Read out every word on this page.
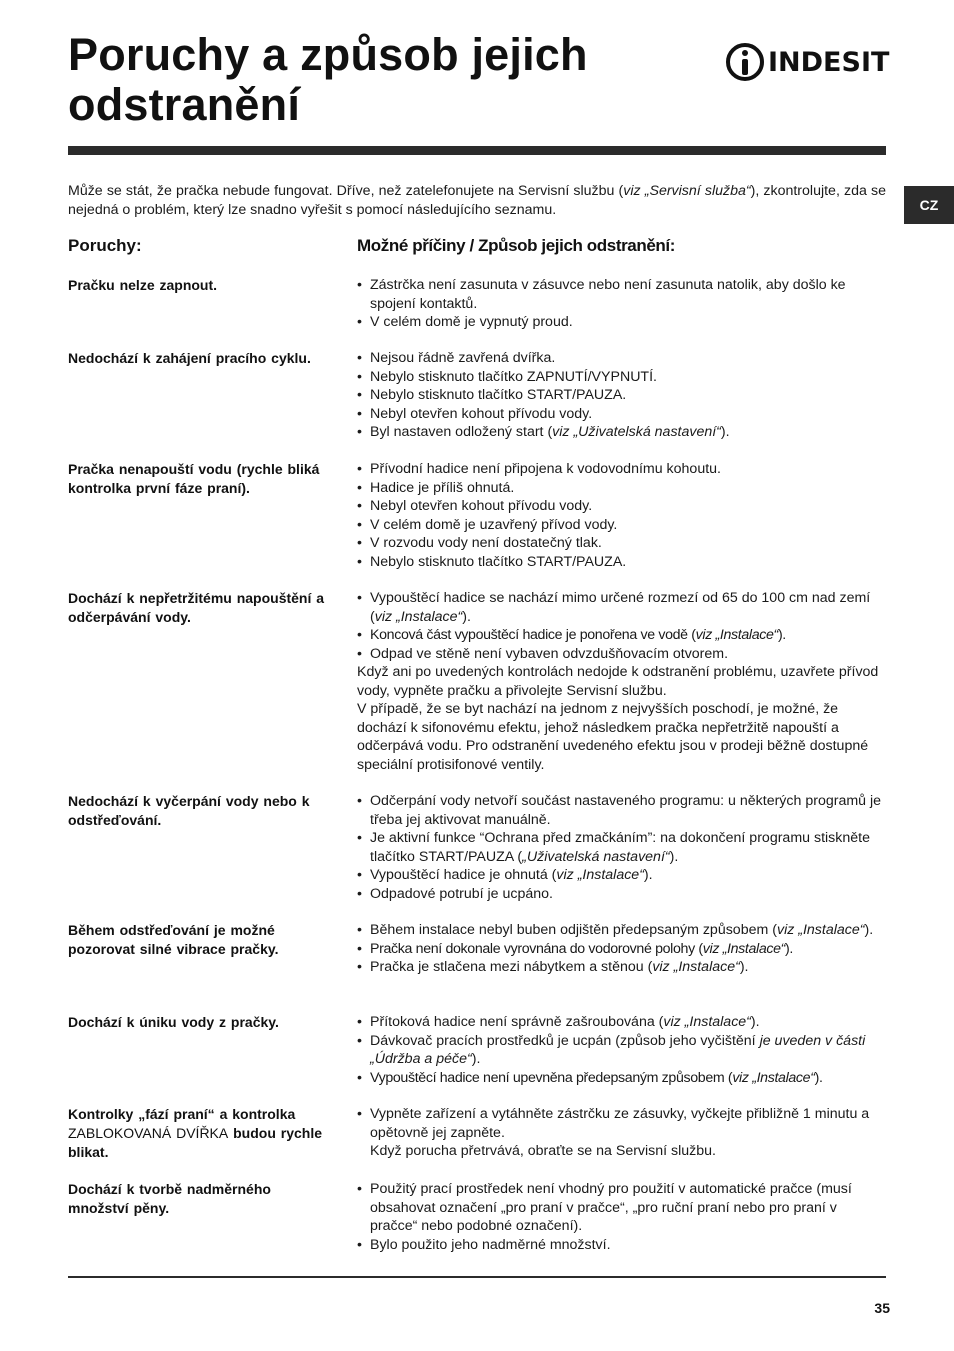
Poruchy a způsob jejich
odstranění
INDESIT
CZ
Může se stát, že pračka nebude fungovat. Dříve, než zatelefonujete na Servisní službu (viz „Servisní služba“), zkontrolujte, zda se nejedná o problém, který lze snadno vyřešit s pomocí následujícího seznamu.
Poruchy:	Možné příčiny / Způsob jejich odstranění:
Pračku nelze zapnout.	• Zástrčka není zasunuta v zásuvce nebo není zasunuta natolik, aby došlo ke spojení kontaktů.
• V celém domě je vypnutý proud.
Nedochází k zahájení pracího cyklu.	• Nejsou řádně zavřená dvířka.
• Nebylo stisknuto tlačítko ZAPNUTÍ/VYPNUTÍ.
• Nebylo stisknuto tlačítko START/PAUZA.
• Nebyl otevřen kohout přívodu vody.
• Byl nastaven odložený start (viz „Uživatelská nastavení“).
Pračka nenapouští vodu (rychle bliká kontrolka první fáze praní).
• Přívodní hadice není připojena k vodovodnímu kohoutu.
• Hadice je příliš ohnutá.
• Nebyl otevřen kohout přívodu vody.
• V celém domě je uzavřený přívod vody.
• V rozvodu vody není dostatečný tlak.
• Nebylo stisknuto tlačítko START/PAUZA.
Dochází k nepřetržitému napouštění a odčerpávání vody.
• Vypouštěcí hadice se nachází mimo určené rozmezí od 65 do 100 cm nad zemí (viz „Instalace“).
• Koncová část vypouštěcí hadice je ponořena ve vodě (viz „Instalace“).
• Odpad ve stěně není vybaven odvzdušňovacím otvorem.

Když ani po uvedených kontrolách nedojde k odstranění problému, uzavřete přívod vody, vypněte pračku a přivolejte Servisní službu.

V případě, že se byt nachází na jednom z nejvyšších poschodí, je možné, že dochází k sifonovému efektu, jehož následkem pračka nepřetržitě napouští a odčerpává vodu. Pro odstranění uvedeného efektu jsou v prodeji běžně dostupné speciální protisifonové ventily.

Nedochází k vyčerpání vody nebo k odstřeďování.
• Odčerpání vody netvoří součást nastaveného programu: u některých programů je třeba jej aktivovat manuálně.
• Je aktivní funkce “Ochrana před zmačkáním”: na dokončení programu stiskněte tlačítko START/PAUZA („Uživatelská nastavení“).
• Vypouštěcí hadice je ohnutá (viz „Instalace“).
• Odpadové potrubí je ucpáno.
Během odstřeďování je možné pozorovat silné vibrace pračky.
• Během instalace nebyl buben odjištěn předepsaným způsobem (viz „Instalace“).
• Pračka není dokonale vyrovnána do vodorovné polohy (viz „Instalace“).
• Pračka je stlačena mezi nábytkem a stěnou (viz „Instalace“).
Dochází k úniku vody z pračky.	• Přítoková hadice není správně zašroubována (viz „Instalace“).
• Dávkovač pracích prostředků je ucpán (způsob jeho vyčištění je uveden v části „Údržba a péče“).
• Vypouštěcí hadice není upevněna předepsaným způsobem (viz „Instalace“).
Kontrolky „fází praní“ a kontrolka ZABLOKOVANÁ DVÍŘKA budou rychle blikat.
• Vypněte zařízení a vytáhněte zástrčku ze zásuvky, vyčkejte přibližně 1 minutu a opětovně jej zapněte.

Když porucha přetrvává, obraťte se na Servisní službu.

Dochází k tvorbě nadměrného množství pěny.
• Použitý prací prostředek není vhodný pro použití v automatické pračce (musí obsahovat označení „pro praní v pračce“, „pro ruční praní nebo pro praní v pračce“ nebo podobné označení).
• Bylo použito jeho nadměrné množství.
35
